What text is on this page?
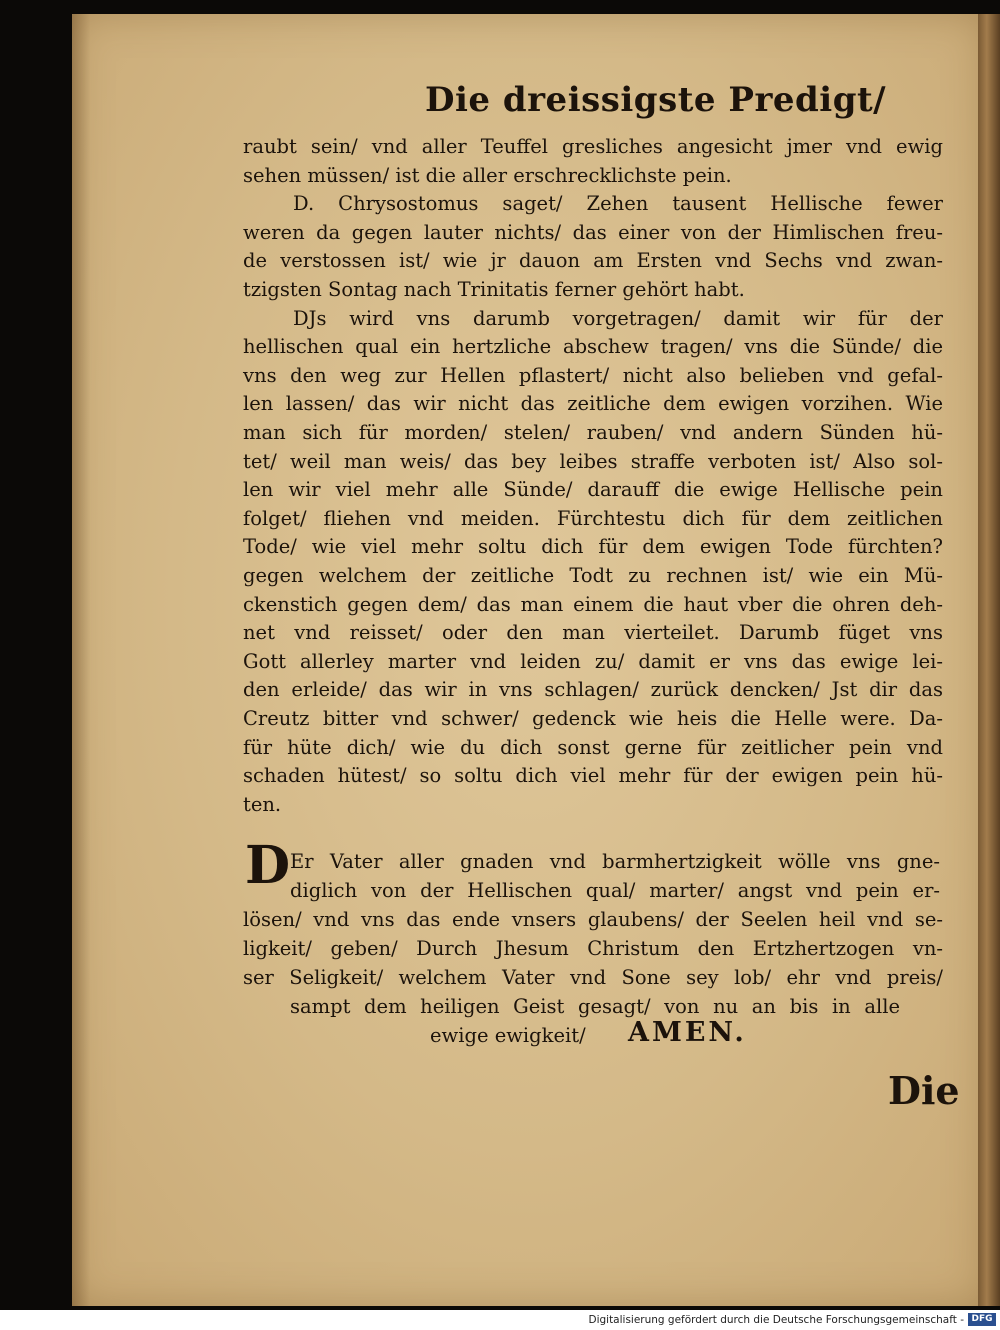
Die dreissigste Predigt/
raubt sein/ vnd aller Teuffel gresliches angesicht jmer vnd ewig
sehen müssen/ ist die aller erschrecklichste pein.
D. Chrysostomus saget/ Zehen tausent Hellische fewer
weren da gegen lauter nichts/ das einer von der Himlischen freu-
de verstossen ist/ wie jr dauon am Ersten vnd Sechs vnd zwan-
tzigsten Sontag nach Trinitatis ferner gehört habt.
DJs wird vns darumb vorgetragen/ damit wir für der
hellischen qual ein hertzliche abschew tragen/ vns die Sünde/ die
vns den weg zur Hellen pflastert/ nicht also belieben vnd gefal-
len lassen/ das wir nicht das zeitliche dem ewigen vorzihen. Wie
man sich für morden/ stelen/ rauben/ vnd andern Sünden hü-
tet/ weil man weis/ das bey leibes straffe verboten ist/ Also sol-
len wir viel mehr alle Sünde/ darauff die ewige Hellische pein
folget/ fliehen vnd meiden. Fürchtestu dich für dem zeitlichen
Tode/ wie viel mehr soltu dich für dem ewigen Tode fürchten?
gegen welchem der zeitliche Todt zu rechnen ist/ wie ein Mü-
ckenstich gegen dem/ das man einem die haut vber die ohren deh-
net vnd reisset/ oder den man vierteilet. Darumb füget vns
Gott allerley marter vnd leiden zu/ damit er vns das ewige lei-
den erleide/ das wir in vns schlagen/ zurück dencken/ Jst dir das
Creutz bitter vnd schwer/ gedenck wie heis die Helle were. Da-
für hüte dich/ wie du dich sonst gerne für zeitlicher pein vnd
schaden hütest/ so soltu dich viel mehr für der ewigen pein hü-
ten.
D Er Vater aller gnaden vnd barmhertzigkeit wölle vns gne-
diglich von der Hellischen qual/ marter/ angst vnd pein er-
lösen/ vnd vns das ende vnsers glaubens/ der Seelen heil vnd se-
ligkeit/ geben/ Durch Jhesum Christum den Ertzhertzogen vn-
ser Seligkeit/ welchem Vater vnd Sone sey lob/ ehr vnd preis/
sampt dem heiligen Geist gesagt/ von nu an bis in alle
ewige ewigkeit/	AMEN.
Die
Digitalisierung gefördert durch die Deutsche Forschungsgemeinschaft - DFG
